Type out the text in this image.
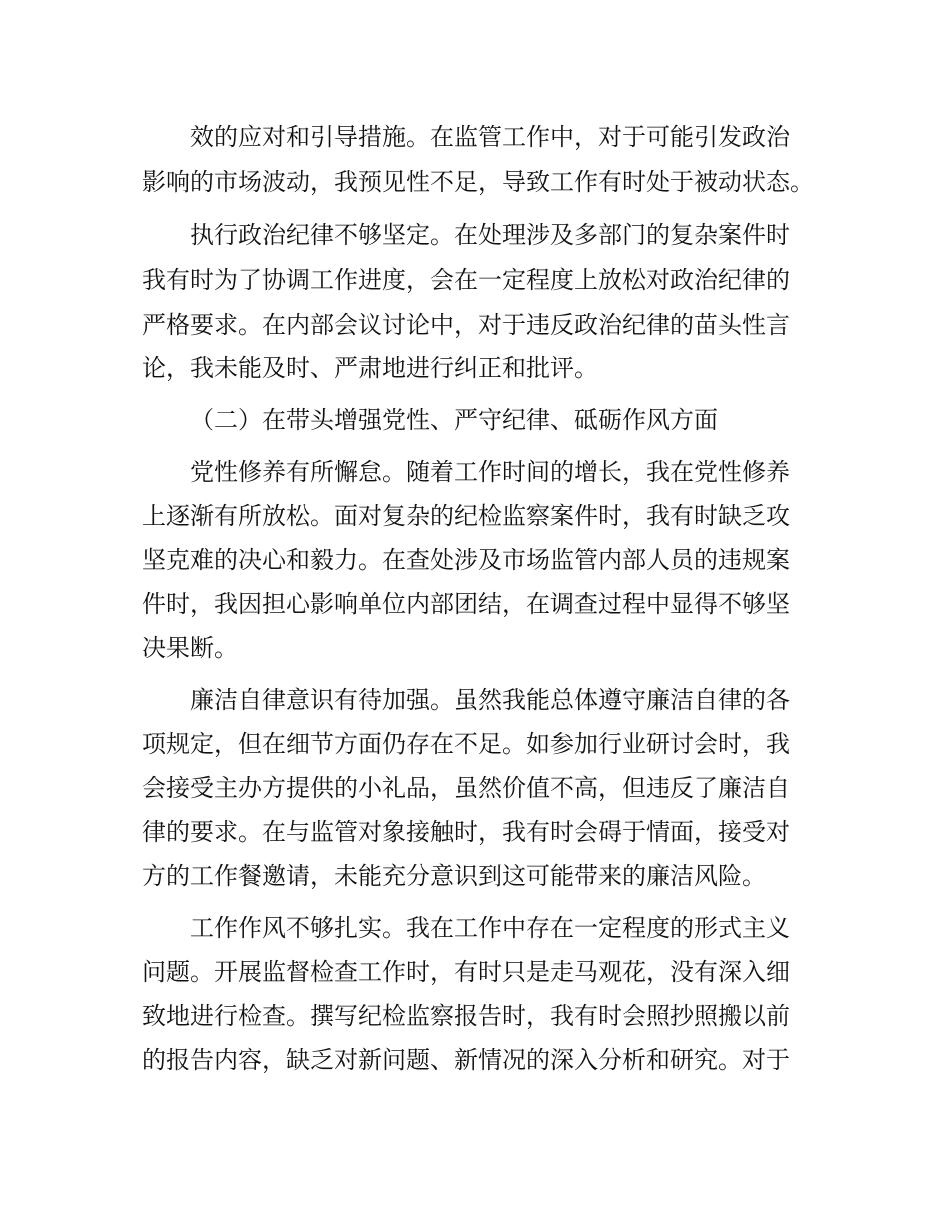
效的应对和引导措施。在监管工作中，对于可能引发政治
影响的市场波动，我预见性不足，导致工作有时处于被动状态。
执行政治纪律不够坚定。在处理涉及多部门的复杂案件时
我有时为了协调工作进度，会在一定程度上放松对政治纪律的
严格要求。在内部会议讨论中，对于违反政治纪律的苗头性言
论，我未能及时、严肃地进行纠正和批评。
（二）在带头增强党性、严守纪律、砥砺作风方面
党性修养有所懈怠。随着工作时间的增长，我在党性修养
上逐渐有所放松。面对复杂的纪检监察案件时，我有时缺乏攻
坚克难的决心和毅力。在查处涉及市场监管内部人员的违规案
件时，我因担心影响单位内部团结，在调查过程中显得不够坚
决果断。
廉洁自律意识有待加强。虽然我能总体遵守廉洁自律的各
项规定，但在细节方面仍存在不足。如参加行业研讨会时，我
会接受主办方提供的小礼品，虽然价值不高，但违反了廉洁自
律的要求。在与监管对象接触时，我有时会碍于情面，接受对
方的工作餐邀请，未能充分意识到这可能带来的廉洁风险。
工作作风不够扎实。我在工作中存在一定程度的形式主义
问题。开展监督检查工作时，有时只是走马观花，没有深入细
致地进行检查。撰写纪检监察报告时，我有时会照抄照搬以前
的报告内容，缺乏对新问题、新情况的深入分析和研究。对于
